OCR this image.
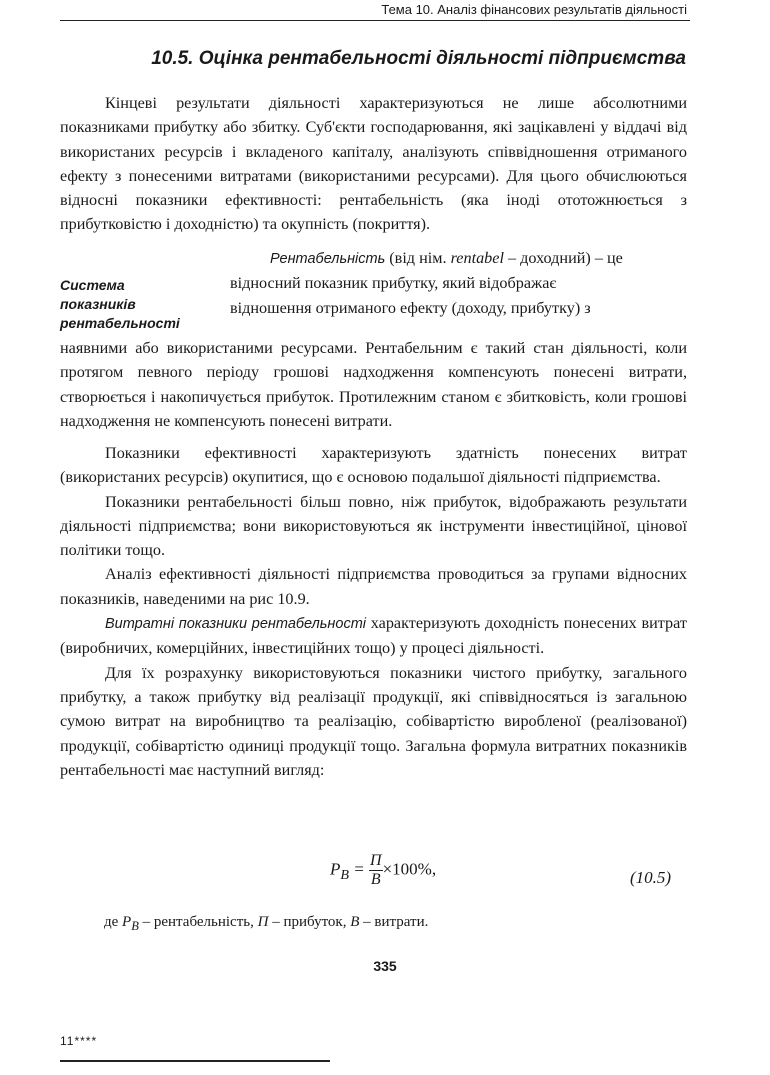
Тема 10. Аналіз фінансових результатів діяльності
10.5. Оцінка рентабельності діяльності підприємства

Кінцеві результати діяльності характеризуються не лише абсолютними показниками прибутку або збитку. Суб'єкти господарювання, які зацікавлені у віддачі від використаних ресурсів і вкладеного капіталу, аналізують співвідношення отриманого ефекту з понесеними витратами (використаними ресурсами). Для цього обчислюються відносні показники ефективності: рентабельність (яка іноді ототожнюється з прибутковістю і доходністю) та окупність (покриття).

Система
показників
рентабельності
Рентабельність (від нім. rentabel – доходний) – це
відносний показник прибутку, який відображає
відношення отриманого ефекту (доходу, прибутку) з

наявними або використаними ресурсами. Рентабельним є такий стан діяльності, коли протягом певного періоду грошові надходження компенсують понесені витрати, створюється і накопичується прибуток. Протилежним станом є збитковість, коли грошові надходження не компенсують понесені витрати.

Показники ефективності характеризують здатність понесених витрат (використаних ресурсів) окупитися, що є основою подальшої діяльності підприємства.

Показники рентабельності більш повно, ніж прибуток, відображають результати діяльності підприємства; вони використовуються як інструменти інвестиційної, цінової політики тощо.

Аналіз ефективності діяльності підприємства проводиться за групами відносних показників, наведеними на рис 10.9.

Витратні показники рентабельності характеризують доходність понесених витрат (виробничих, комерційних, інвестиційних тощо) у процесі діяльності.

Для їх розрахунку використовуються показники чистого прибутку, загального прибутку, а також прибутку від реалізації продукції, які співвідносяться із загальною сумою витрат на виробництво та реалізацію, собівартістю виробленої (реалізованої) продукції, собівартістю одиниці продукції тощо. Загальна формула витратних показників рентабельності має наступний вигляд:

$Р_В = П$
В
×100%,	(10.5)
де $Р_В$ – рентабельність, П – прибуток, В – витрати.
335
11****
